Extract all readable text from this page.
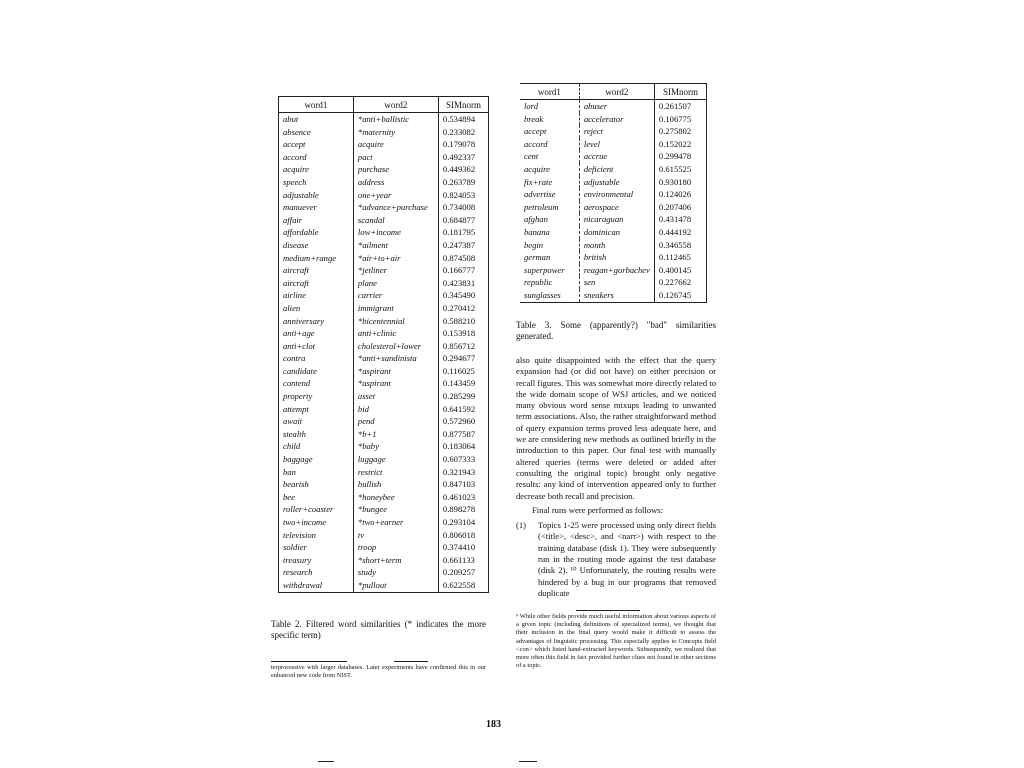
word1	word2	SIMnorm
abut	*anti+ballistic	0.534894
absence	*maternity	0.233082
accept	acquire	0.179078
accord	pact	0.492337
acquire	purchase	0.449362
speech	address	0.263789
adjustable	one+year	0.824053
manuever	*advance+purchase	0.734008
affair	scandal	0.684877
affordable	low+income	0.181795
disease	*ailment	0.247387
medium+range	*air+to+air	0.874508
aircraft	*jetliner	0.166777
aircraft	plane	0.423831
airline	carrier	0.345490
alien	immigrant	0.270412
anniversary	*bicentennial	0.588210
anti+age	anti+clinic	0.153918
anti+clot	cholesterol+lower	0.856712
contra	*anti+sandinista	0.294677
candidate	*aspirant	0.116025
contend	*aspirant	0.143459
property	asset	0.285299
attempt	bid	0.641592
await	pend	0.572960
stealth	*b+1	0.877587
child	*baby	0.183064
baggage	luggage	0.607333
ban	restrict	0.321943
bearish	bullish	0.847103
bee	*honeybee	0.461023
roller+coaster	*bungee	0.898278
two+income	*two+earner	0.293104
television	tv	0.806018
soldier	troop	0.374410
treasury	*short+term	0.661133
research	study	0.209257
withdrawal	*pullout	0.622558
Table 2. Filtered word similarities (* indicates the more specific term)
terprocessive with larger databases. Later experiments have confirmed this in our enhanced new code from NIST.
word1	word2	SIMnorm
lord	abuser	0.261507
break	accelerator	0.106775
accept	reject	0.275802
accord	level	0.152022
cent	accrue	0.299478
acquire	deficient	0.615525
fix+rate	adjustable	0.930180
advertise	environmental	0.124026
petroleum	aerospace	0.207406
afghan	nicaraguan	0.431478
banana	dominican	0.444192
begin	month	0.346558
german	british	0.112465
superpower	reagan+gorbachev	0.400145
republic	sen	0.227662
sunglasses	sneakers	0.126745
Table 3. Some (apparently?) "bad" similarities generated.
also quite disappointed with the effect that the query expansion had (or did not have) on either precision or recall figures. This was somewhat more directly related to the wide domain scope of WSJ articles, and we noticed many obvious word sense mixups leading to unwanted term associations. Also, the rather straightforward method of query expansion terms proved less adequate here, and we are considering new methods as outlined briefly in the introduction to this paper. Our final test with manually altered queries (terms were deleted or added after consulting the original topic) brought only negative results: any kind of intervention appeared only to further decrease both recall and precision.
Final runs were performed as follows:
(1)	Topics 1-25 were processed using only direct fields (<title>, <desc>, and <narr>) with respect to the training database (disk 1). They were subsequently run in the routing mode against the test database (disk 2). ¹⁰ Unfortunately, the routing results were hindered by a bug in our programs that removed duplicate
⁹ While other fields provide much useful information about various aspects of a given topic (including definitions of specialized terms), we thought that their inclusion in the final query would make it difficult to assess the advantages of linguistic processing. This especially applies to Concepts field <con> which listed hand-extracted keywords. Subsequently, we realized that more often this field in fact provided further clues not found in other sections of a topic.
183
